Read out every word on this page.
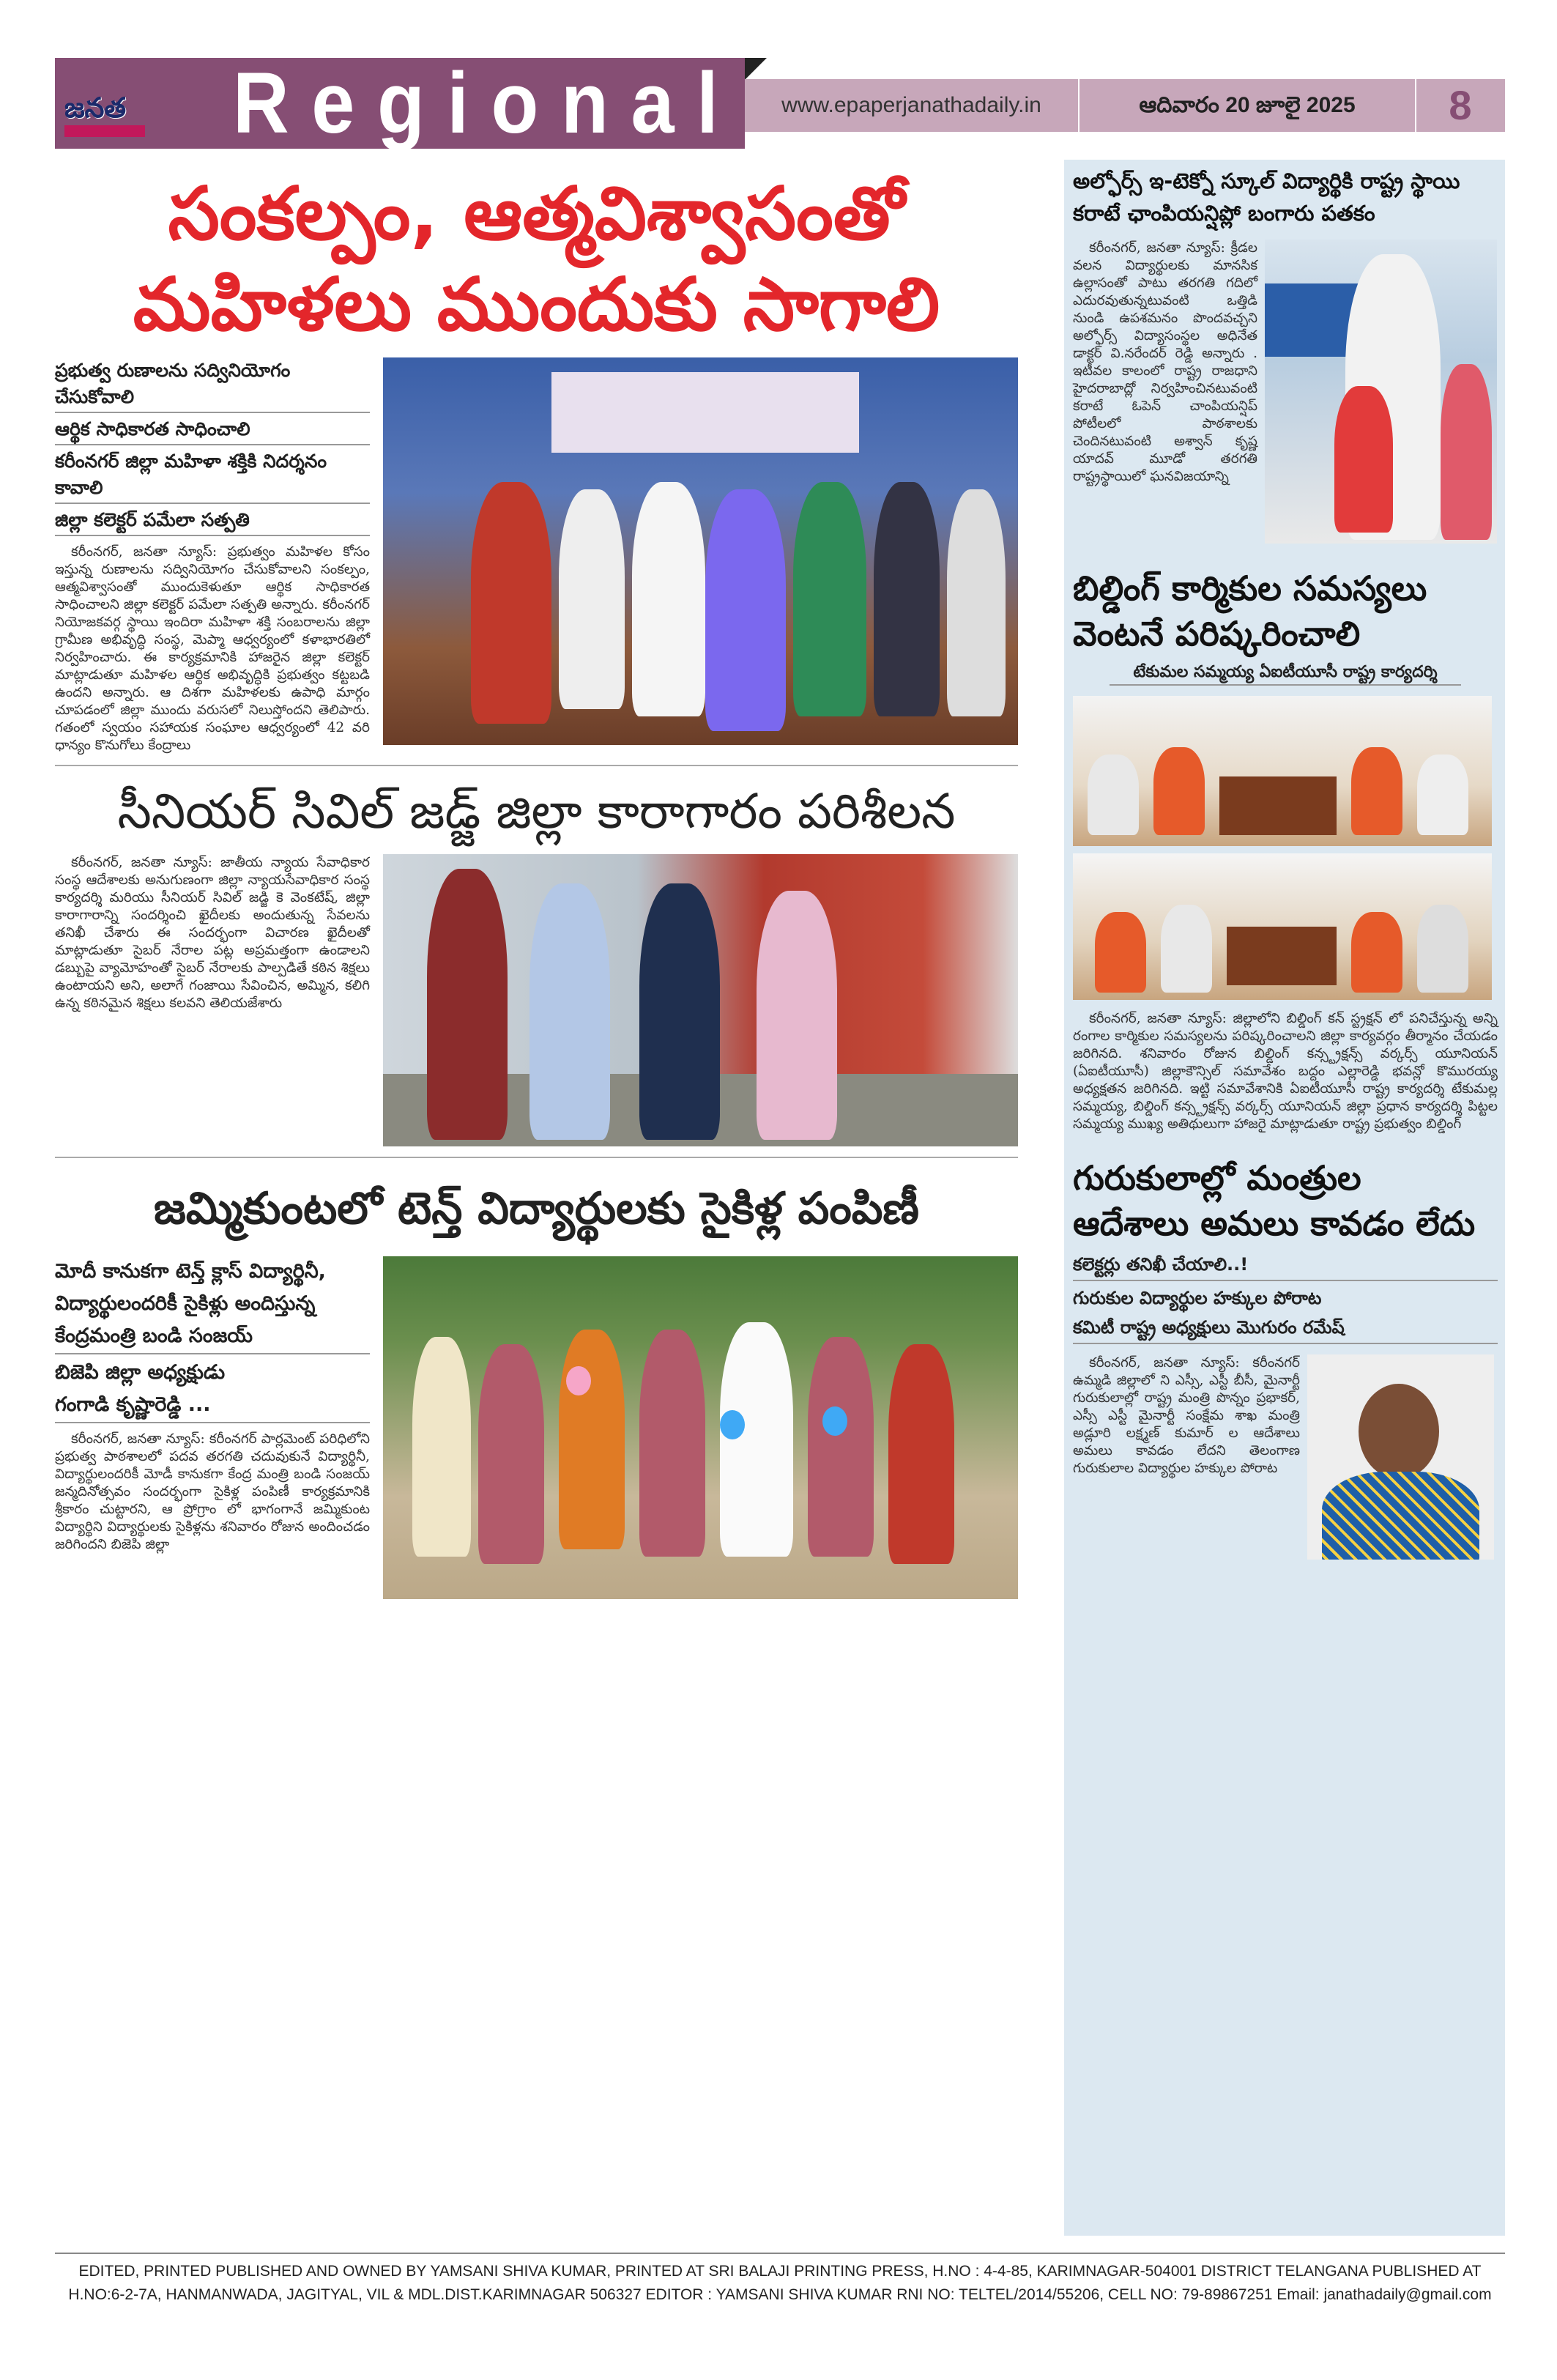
జనత Regional	www.epaperjanathadaily.in	ఆదివారం 20 జూలై 2025	8
సంకల్పం, ఆత్మవిశ్వాసంతో
మహిళలు ముందుకు సాగాలి
ప్రభుత్వ రుణాలను సద్వినియోగం చేసుకోవాలి
ఆర్థిక సాధికారత సాధించాలి
కరీంనగర్ జిల్లా మహిళా శక్తికి నిదర్శనం కావాలి
జిల్లా కలెక్టర్ పమేలా సత్పతి
కరీంనగర్, జనతా న్యూస్: ప్రభుత్వం మహిళల కోసం ఇస్తున్న రుణాలను సద్వినియోగం చేసుకోవాలని సంకల్పం, ఆత్మవిశ్వాసంతో ముందుకెళుతూ ఆర్థిక సాధికారత సాధించాలని జిల్లా కలెక్టర్ పమేలా సత్పతి అన్నారు. కరీంనగర్ నియోజకవర్గ స్థాయి ఇందిరా మహిళా శక్తి సంబరాలను జిల్లా గ్రామీణ అభివృద్ధి సంస్థ, మెప్మా ఆధ్వర్యంలో కళాభారతిలో నిర్వహించారు. ఈ కార్యక్రమానికి హాజరైన జిల్లా కలెక్టర్ మాట్లాడుతూ మహిళల ఆర్థిక అభివృద్ధికి ప్రభుత్వం కట్టబడి ఉందని అన్నారు. ఆ దిశగా మహిళలకు ఉపాధి మార్గం చూపడంలో జిల్లా ముందు వరుసలో నిలుస్తోందని తెలిపారు. గతంలో స్వయం సహాయక సంఘాల ఆధ్వర్యంలో 42 వరి ధాన్యం కొనుగోలు కేంద్రాలు
సీనియర్ సివిల్ జడ్జ్ జిల్లా కారాగారం పరిశీలన
కరీంనగర్, జనతా న్యూస్: జాతీయ న్యాయ సేవాధికార సంస్థ ఆదేశాలకు అనుగుణంగా జిల్లా న్యాయసేవాధికార సంస్థ కార్యదర్శి మరియు సీనియర్ సివిల్ జడ్జి కె వెంకటేష్, జిల్లా కారాగారాన్ని సందర్శించి ఖైదీలకు అందుతున్న సేవలను తనిఖీ చేశారు ఈ సందర్భంగా విచారణ ఖైదీలతో మాట్లాడుతూ సైబర్ నేరాల పట్ల అప్రమత్తంగా ఉండాలని డబ్బుపై వ్యామోహంతో సైబర్ నేరాలకు పాల్పడితే కఠిన శిక్షలు ఉంటాయని అని, అలాగే గంజాయి సేవించిన, అమ్మిన, కలిగి ఉన్న కఠినమైన శిక్షలు కలవని తెలియజేశారు
జమ్మికుంటలో టెన్త్ విద్యార్థులకు సైకిళ్ల పంపిణీ
మోదీ కానుకగా టెన్త్ క్లాస్ విద్యార్థినీ,
విద్యార్థులందరికీ సైకిళ్లు అందిస్తున్న
కేంద్రమంత్రి బండి సంజయ్
బిజెపి జిల్లా అధ్యక్షుడు
గంగాడి కృష్ణారెడ్డి ...
కరీంనగర్, జనతా న్యూస్: కరీంనగర్ పార్లమెంట్ పరిధిలోని ప్రభుత్వ పాఠశాలలో పదవ తరగతి చదువుకునే విద్యార్థినీ, విద్యార్థులందరికీ మోడీ కానుకగా కేంద్ర మంత్రి బండి సంజయ్ జన్మదినోత్సవం సందర్భంగా సైకిళ్ల పంపిణీ కార్యక్రమానికి శ్రీకారం చుట్టారని, ఆ ప్రోగ్రాం లో భాగంగానే జమ్మికుంట విద్యార్థిని విద్యార్థులకు సైకిళ్లను శనివారం రోజున అందించడం జరిగిందని బిజెపి జిల్లా
అల్ఫోర్స్ ఇ-టెక్నో స్కూల్ విద్యార్థికి రాష్ట్ర స్థాయి కరాటే ఛాంపియన్షిప్లో బంగారు పతకం
కరీంనగర్, జనతా న్యూస్: క్రీడల వలన విద్యార్థులకు మానసిక ఉల్లాసంతో పాటు తరగతి గదిలో ఎదురవుతున్నటువంటి ఒత్తిడి నుండి ఉపశమనం పొందవచ్చని అల్ఫోర్స్ విద్యాసంస్థల అధినేత డాక్టర్ వి.నరేందర్ రెడ్డి అన్నారు . ఇటీవల కాలంలో రాష్ట్ర రాజధాని హైదరాబాద్లో నిర్వహించినటువంటి కరాటే ఓపెన్ చాంపియన్షిప్ పోటీలలో పాఠశాలకు చెందినటువంటి అశ్వాన్ కృష్ణ యాదవ్ మూడో తరగతి రాష్ట్రస్థాయిలో ఘనవిజయాన్ని
బిల్డింగ్ కార్మికుల సమస్యలు
వెంటనే పరిష్కరించాలి
టేకుమల సమ్మయ్య ఏఐటీయూసీ రాష్ట్ర కార్యదర్శి
కరీంనగర్, జనతా న్యూస్: జిల్లాలోని బిల్డింగ్ కన్ స్ట్రక్షన్ లో పనిచేస్తున్న అన్ని రంగాల కార్మికుల సమస్యలను పరిష్కరించాలని జిల్లా కార్యవర్గం తీర్మానం చేయడం జరిగినది. శనివారం రోజున బిల్డింగ్ కన్స్ట్రక్షన్స్ వర్కర్స్ యూనియన్ (ఏఐటీయూసీ) జిల్లాకౌన్సిల్ సమావేశం బద్దం ఎల్లారెడ్డి భవన్లో కొమురయ్య అధ్యక్షతన జరిగినది. ఇట్టి సమావేశానికి ఏఐటీయూసీ రాష్ట్ర కార్యదర్శి టేకుమల్ల సమ్మయ్య, బిల్డింగ్ కన్స్ట్రక్షన్స్ వర్కర్స్ యూనియన్ జిల్లా ప్రధాన కార్యదర్శి పిట్టల సమ్మయ్య ముఖ్య అతిథులుగా హాజరై మాట్లాడుతూ రాష్ట్ర ప్రభుత్వం బిల్డింగ్
గురుకులాల్లో మంత్రుల
ఆదేశాలు అమలు కావడం లేదు
కలెక్టర్లు తనిఖీ చేయాలి..!
గురుకుల విద్యార్థుల హక్కుల పోరాట
కమిటీ రాష్ట్ర అధ్యక్షులు మొగురం రమేష్
కరీంనగర్, జనతా న్యూస్: కరీంనగర్ ఉమ్మడి జిల్లాలో ని ఎస్సీ, ఎస్టీ బీసీ, మైనార్టీ గురుకులాల్లో రాష్ట్ర మంత్రి పొన్నం ప్రభాకర్, ఎస్సీ ఎస్టీ మైనార్టీ సంక్షేమ శాఖ మంత్రి అడ్లూరి లక్ష్మణ్ కుమార్ ల ఆదేశాలు అమలు కావడం లేదని తెలంగాణ గురుకులాల విద్యార్థుల హక్కుల పోరాట
EDITED, PRINTED PUBLISHED AND OWNED BY YAMSANI SHIVA KUMAR, PRINTED AT SRI BALAJI PRINTING PRESS, H.NO : 4-4-85, KARIMNAGAR-504001 DISTRICT TELANGANA PUBLISHED AT
H.NO:6-2-7A, HANMANWADA, JAGITYAL, VIL & MDL.DIST.KARIMNAGAR 506327 EDITOR : YAMSANI SHIVA KUMAR RNI NO: TELTEL/2014/55206, CELL NO: 79-89867251 Email: janathadaily@gmail.com
